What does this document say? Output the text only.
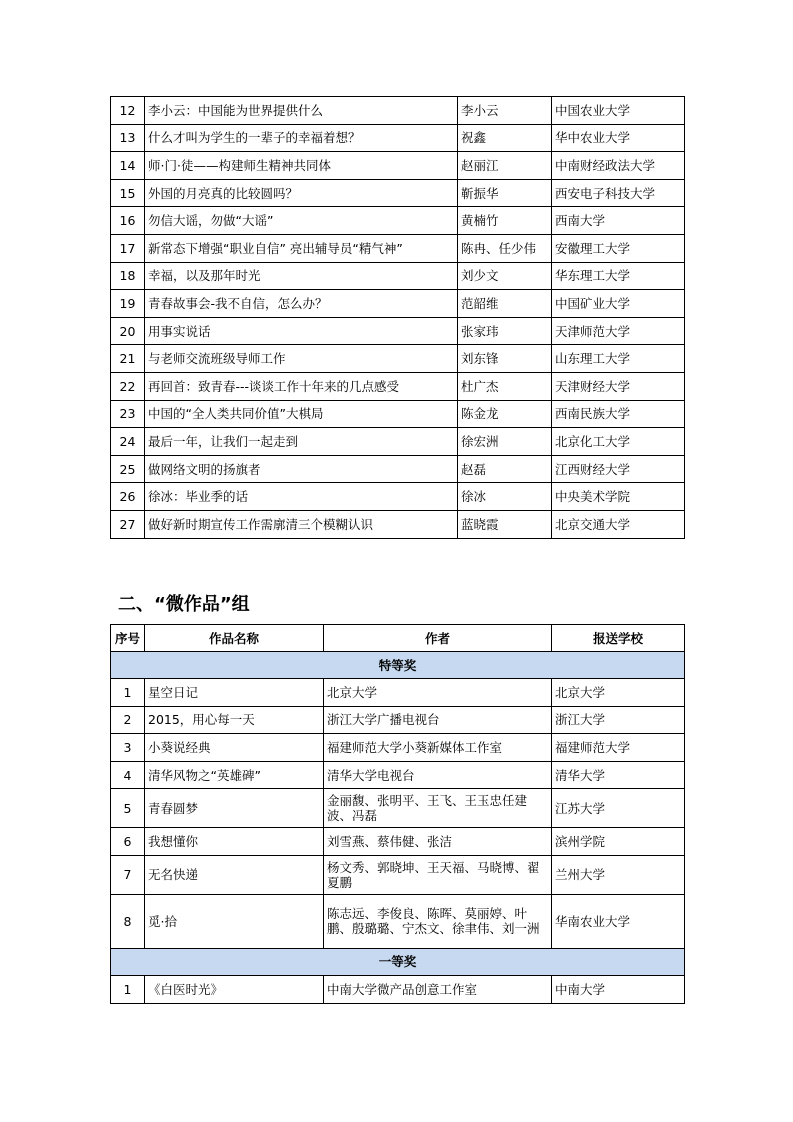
12	李小云：中国能为世界提供什么	李小云	中国农业大学
13	什么才叫为学生的一辈子的幸福着想？	祝鑫	华中农业大学
14	师·门·徒——构建师生精神共同体	赵丽江	中南财经政法大学
15	外国的月亮真的比较圆吗？	靳振华	西安电子科技大学
16	勿信大谣，勿做“大谣”	黄楠竹	西南大学
17	新常态下增强“职业自信” 亮出辅导员“精气神”	陈冉、任少伟	安徽理工大学
18	幸福，以及那年时光	刘少文	华东理工大学
19	青春故事会-我不自信，怎么办？	范韶维	中国矿业大学
20	用事实说话	张家玮	天津师范大学
21	与老师交流班级导师工作	刘东锋	山东理工大学
22	再回首：致青春---谈谈工作十年来的几点感受	杜广杰	天津财经大学
23	中国的“全人类共同价值”大棋局	陈金龙	西南民族大学
24	最后一年，让我们一起走到	徐宏洲	北京化工大学
25	做网络文明的扬旗者	赵磊	江西财经大学
26	徐冰：毕业季的话	徐冰	中央美术学院
27	做好新时期宣传工作需廓清三个模糊认识	蓝晓霞	北京交通大学
二、“微作品”组
序号	作品名称	作者	报送学校
特等奖			
1	星空日记	北京大学	北京大学
2	2015，用心每一天	浙江大学广播电视台	浙江大学
3	小葵说经典	福建师范大学小葵新媒体工作室	福建师范大学
4	清华风物之“英雄碑”	清华大学电视台	清华大学
5	青春圆梦	金丽馥、张明平、王飞、王玉忠任建波、冯磊	江苏大学
6	我想懂你	刘雪燕、蔡伟健、张洁	滨州学院
7	无名快递	杨文秀、郭晓坤、王天福、马晓博、翟夏鹏	兰州大学
8	觅·拾	陈志远、李俊良、陈晖、莫丽婷、叶鹏、殷璐璐、宁杰文、徐聿伟、刘一洲	华南农业大学
一等奖			
1	《白医时光》	中南大学微产品创意工作室	中南大学
